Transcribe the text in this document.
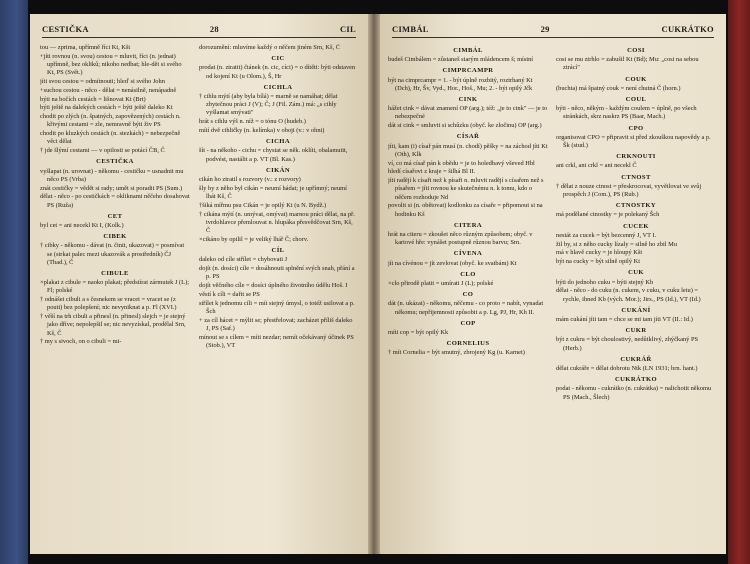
CESTIČKA	28	CIL	CIMBÁL	29	CUKRÁTKO
tou — zprima, upřímně říci Kt, Kšt
+jíti rovnou (n. svou) cestou = mluvit, říci (n. jednat) upřímně, bez okliků; nikoho nedbat; hle-dět si svého Kt, PS (Svět.)
jíti svou cestou = odmítnouti; hleď si svého John
+suchou cestou - něco - dělat = nenásilně, nenápadně
býti na bočích cestách = lišnovat Kt (Brt)
býti ještě na dalekých cestách = býti ještě daleko Kt
chodit po zlých (n. špatných, zapovězených) cestách n. křivými cestami = zle, nemravně býti živ PS
chodit po kluzkých cestách (n. stezkách) = nebezpečně věci dělat
† jde šlýmí cestami — v opilosti se potácí ČB, Č
CESTIČKA
vyšlapat (n. urovnat) - někomu - cestičku = usnadnit mu něco PS (Vrba)
znát cestičky = vědět si rady; umět si poradit PS (Sum.)
dělat - něco - po cestičkách = okliknami něčeho dosahovat PS (Ruža)
CET
byl cet = ani necekl Kt I, (Kolk.)
CIBEK
† cibky - někomu - dávat (n. činit, ukazovat) = posmívat se (strkat palec mezi ukazovák a prostředník) ČJ (Thad.), Č
CIBULE
×plakat z cibule = naoko plakat; předstírat zármutek J (L); Fl; polské
† odnášet cibuli a s česnekem se vracet = vracet se (z pouti) bez polepšení; nic nevyniknat a p. Fl (XVI.)
† věší na trh cibuli a přinesl (n. přinesl) slejch = je stejný jako dříve; nepolepšil se; nic nevyzískal, prodělal Srn, Kš, Č
† my s sivoch, on o cibuli = mi-
dorozumění: mluvíme každý o něčem jiném Srn, Kš, Č
CIC
prodat (n. ztratit) čtánek (n. cic, cíci) = o dítěti: býti odstaven od kojení Kt (u Olom.), Š, Hr
CICHLA
† cihlu mýtí (aby byla bílá) = marně se namáhat; dělat zbytečnou práci J (V); Č; J (Fil. Zám.) má: „s cihly vyšlamat smývati"
hrát s cihlu výš n. níž = o tónu O (hudeb.)
mítí dvě cihličky (n. kelímka) v oboji (v.: v ohni)
CICHA
šít - na někoho - cichu = chystat se něk. oklíit, obalamutit, podvést, nastálit a p. VT (Bl. Kas.)
CIKÁN
cikán ho ztratil s rozvory (v.: z rozvory)
šly by z něho byl cikán = neumí hádat; je upřímný; neumí lhát Kš, Č
†šiká mířmu psu Cikán = je opilý Kt (u N. Bydž.)
† cikána mýtí (n. umývat, omývat) marnou práci dělat, na př. tvrdohlavce přemlouvat n. hlupáka přesvědčovat Srn, Kš, Č
×cikáno by opilil = je veliký lhář Č; chorv.
CÍL
daleko od cíle střílet = chybovati J
dojít (n. dosíci) cíle = dosáhnouti splnění svých snah, přání a p. PS
dojít věčného cíle = dosíci úplného životního údělu Hoš. I
věstí k cíli = dařit se PS
střílet k jednomu cíli = mít stejný úmysl, o totéž usilovat a p. Šch
+ za cíl hácet = mýlit se; přestřelovat; zacházet příliš daleko J, PS (Saf.)
mínout se s cílem = míti nezdar; nemít očekávaný účinek PS (Stob.), VT
CIMBÁL
budeš Cimbálem = zůstaneš starým mládencem š; místní
CIMPRCAMPR
být na cimprcampr = 1. - být úplně rozbitý, roztrhaný Kt (Dch), Hr, Šv, Vyd., Hor., Hoš., Mu; 2. - být opilý Jčk
CINK
hážet cink = dávat znamení OP (arg.); též: „je to cink" — je to nebezpečné
dát si cink = smluvit si schůzku (obyč. ke zločinu) OP (arg.)
CÍSAŘ
jíti, kam (i) císař pán musí (n. chodí) pěšky = na záchod jíti Kt (Oth), Klk
ví, co má císař pán k obědu = je to holedbavý vševed Hbl
hledí císařovi z kraje = šilhá Bl II.
jíti radějí k císaři než k písaři n. mluvit radějí s císařem než s písařem = jíti rovnou ke skutečnému n. k tomu, kdo o něčem rozhoduje Nd
povolit si (n. obětovat) kodlonku za císaře = připomout si na hodinku Kš
CITERA
hrát na citeru = zkoušet něco různým způsobem; obyč. v kartové hře: vynášet postupně různou barvu; Srn.
CÍVENA
jít na cívénou = jít zevlovat (obyč. ke svatbám) Kt
CLO
×clo přirodě platit = umírati J (L); polské
CO
dát (n. ukázat) - někomu, něčemu - co proto = nabít, vynadat někomu; nepřijemnosti způsobit a p. Lg, PJ, Hr, Kh II.
COP
míti cop = být opilý Kk
CORNELIUS
† mít Cornelia = být smutný, zbrojený Kg (u. Karnet)
COSI
cosi se mu ztrhlo = zabušil Kt (Bd); Mu: „cosi na sebou ztrácí"
COUK
(buchta) má špatný couk = není chutná Č (horn.)
COUL
býti - něco, někým - každým coulem = úplně, po všech stránkách, skrz naskrz PS (Baar, Mach.)
CPO
organisovat CPO = připravit si před zkouškou napovědy a p. Šk (stud.)
CRKNOUTI
ani crkl, ani crkl = ani necekl Č
CTNOST
† dělat z nouze ctnost = přeskrocovat, vyvětlovat ve svůj prospěch J (Com.), PS (Rub.)
CTNOSTKY
má podělané ctnostky = je polekaný Šch
CUCEK
nestát za cucek = být bezcenný J, VT I.
žil by, si z něho cucky lízaly = silně ho zbil Mu
má v hlavě cucky = je hloupý Kšt
být na cucky = být silně opilý Kt
CUK
býti do jednoho cuku = býti stejný Kb
dělat - něco - do cuku (n. cukem, v cuku, v cuku letu) = rychle, ihned Kb (vých. Mor.); Jirs., PS (Id.), VT (Id.)
CUKÁNÍ
mám cukání jíti tam = chce se mi tam jíti VT (II.: Id.)
CUKR
být z cukru = být choulostivý, nedůtklivý, zhýčkaný PS (Herb.)
CUKRÁŘ
dělat cukráře = dělat dobrotu Ntk (LN 1931; brn. hant.)
CUKRÁTKO
podat - někomu - cukrátko (n. cukrátka) = nalichotit někomu PS (Mach., Šlech)
